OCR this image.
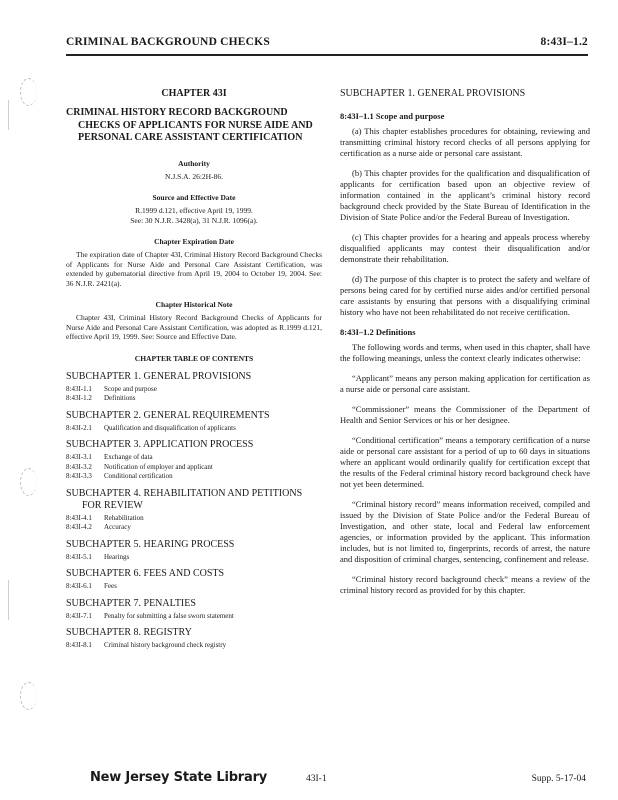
CRIMINAL BACKGROUND CHECKS	8:43I–1.2
CHAPTER 43I
CRIMINAL HISTORY RECORD BACKGROUND CHECKS OF APPLICANTS FOR NURSE AIDE AND PERSONAL CARE ASSISTANT CERTIFICATION
Authority
N.J.S.A. 26:2H-86.
Source and Effective Date
R.1999 d.121, effective April 19, 1999.
See: 30 N.J.R. 3428(a), 31 N.J.R. 1096(a).
Chapter Expiration Date
The expiration date of Chapter 43I, Criminal History Record Background Checks of Applicants for Nurse Aide and Personal Care Assistant Certification, was extended by gubernatorial directive from April 19, 2004 to October 19, 2004. See: 36 N.J.R. 2421(a).
Chapter Historical Note
Chapter 43I, Criminal History Record Background Checks of Applicants for Nurse Aide and Personal Care Assistant Certification, was adopted as R.1999 d.121, effective April 19, 1999. See: Source and Effective Date.
CHAPTER TABLE OF CONTENTS
SUBCHAPTER 1. GENERAL PROVISIONS
8:43I-1.1	Scope and purpose
8:43I-1.2	Definitions
SUBCHAPTER 2. GENERAL REQUIREMENTS
8:43I-2.1	Qualification and disqualification of applicants
SUBCHAPTER 3. APPLICATION PROCESS
8:43I-3.1	Exchange of data
8:43I-3.2	Notification of employer and applicant
8:43I-3.3	Conditional certification
SUBCHAPTER 4. REHABILITATION AND PETITIONS FOR REVIEW
8:43I-4.1	Rehabilitation
8:43I-4.2	Accuracy
SUBCHAPTER 5. HEARING PROCESS
8:43I-5.1	Hearings
SUBCHAPTER 6. FEES AND COSTS
8:43I-6.1	Fees
SUBCHAPTER 7. PENALTIES
8:43I-7.1	Penalty for submitting a false sworn statement
SUBCHAPTER 8. REGISTRY
8:43I-8.1	Criminal history background check registry
SUBCHAPTER 1. GENERAL PROVISIONS
8:43I–1.1 Scope and purpose

(a) This chapter establishes procedures for obtaining, reviewing and transmitting criminal history record checks of all persons applying for certification as a nurse aide or personal care assistant.

(b) This chapter provides for the qualification and disqualification of applicants for certification based upon an objective review of information contained in the applicant’s criminal history record background check provided by the State Bureau of Identification in the Division of State Police and/or the Federal Bureau of Investigation.

(c) This chapter provides for a hearing and appeals process whereby disqualified applicants may contest their disqualification and/or demonstrate their rehabilitation.

(d) The purpose of this chapter is to protect the safety and welfare of persons being cared for by certified nurse aides and/or certified personal care assistants by ensuring that persons with a disqualifying criminal history who have not been rehabilitated do not receive certification.

8:43I–1.2 Definitions

The following words and terms, when used in this chapter, shall have the following meanings, unless the context clearly indicates otherwise:

“Applicant” means any person making application for certification as a nurse aide or personal care assistant.

“Commissioner” means the Commissioner of the Department of Health and Senior Services or his or her designee.

“Conditional certification” means a temporary certification of a nurse aide or personal care assistant for a period of up to 60 days in situations where an applicant would ordinarily qualify for certification except that the results of the Federal criminal history record background check have not yet been determined.

“Criminal history record” means information received, compiled and issued by the Division of State Police and/or the Federal Bureau of Investigation, and other state, local and Federal law enforcement agencies, or information provided by the applicant. This information includes, but is not limited to, fingerprints, records of arrest, the nature and disposition of criminal charges, sentencing, confinement and release.

“Criminal history record background check” means a review of the criminal history record as provided for by this chapter.

New Jersey State Library	43I-1	Supp. 5-17-04
